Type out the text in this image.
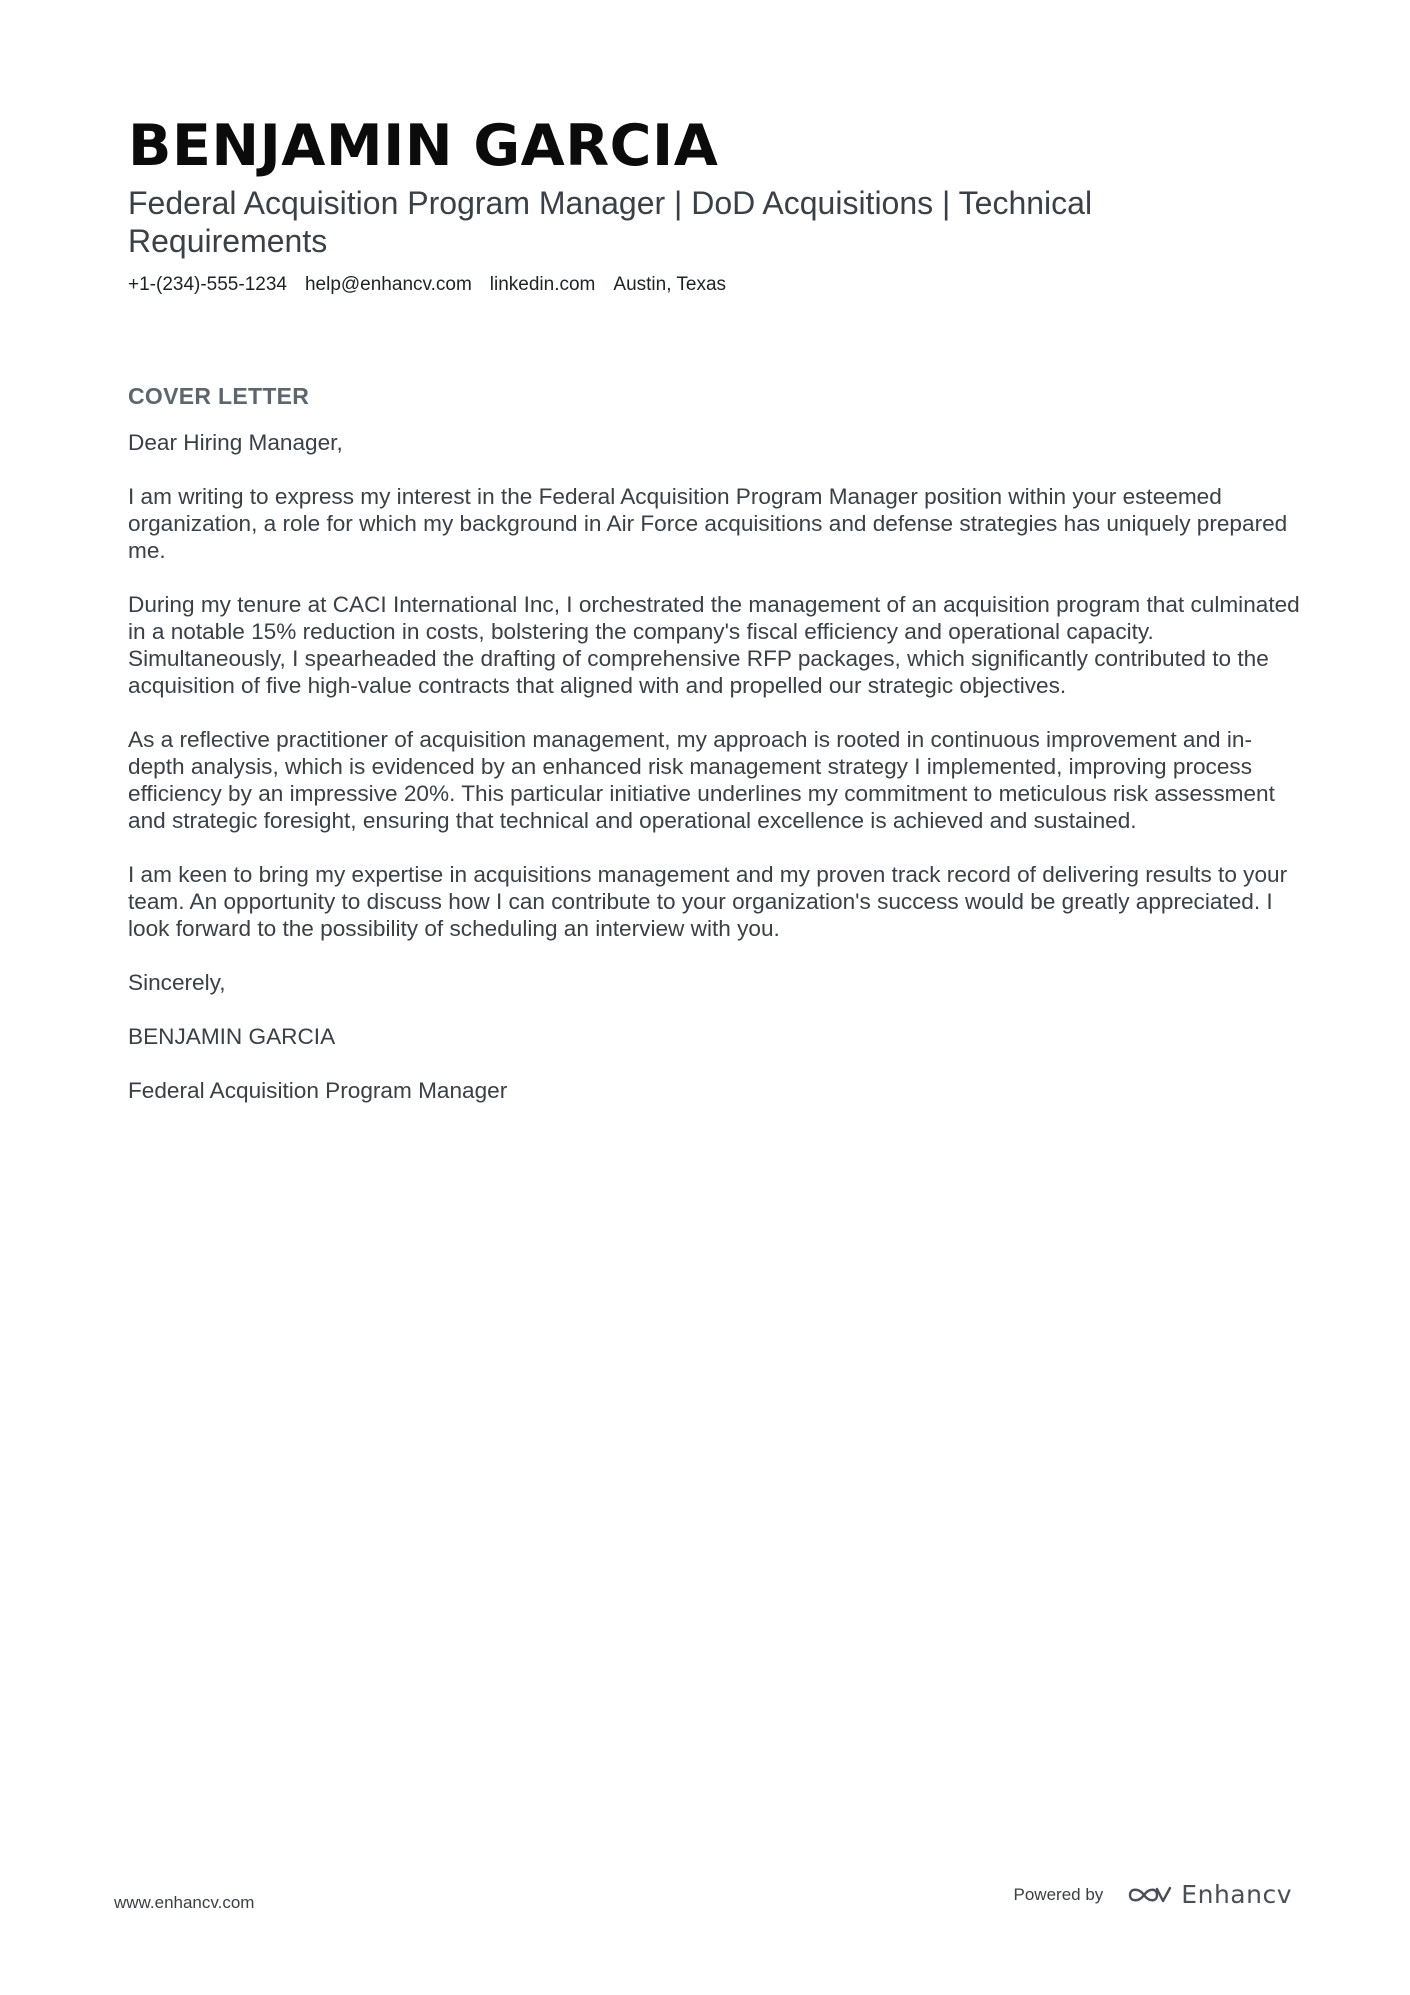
BENJAMIN GARCIA
Federal Acquisition Program Manager | DoD Acquisitions | Technical Requirements
+1-(234)-555-1234 help@enhancv.com linkedin.com Austin, Texas
COVER LETTER

Dear Hiring Manager,

I am writing to express my interest in the Federal Acquisition Program Manager position within your esteemed organization, a role for which my background in Air Force acquisitions and defense strategies has uniquely prepared me.

During my tenure at CACI International Inc, I orchestrated the management of an acquisition program that culminated in a notable 15% reduction in costs, bolstering the company's fiscal efficiency and operational capacity. Simultaneously, I spearheaded the drafting of comprehensive RFP packages, which significantly contributed to the acquisition of five high-value contracts that aligned with and propelled our strategic objectives.

As a reflective practitioner of acquisition management, my approach is rooted in continuous improvement and in-depth analysis, which is evidenced by an enhanced risk management strategy I implemented, improving process efficiency by an impressive 20%. This particular initiative underlines my commitment to meticulous risk assessment and strategic foresight, ensuring that technical and operational excellence is achieved and sustained.

I am keen to bring my expertise in acquisitions management and my proven track record of delivering results to your team. An opportunity to discuss how I can contribute to your organization's success would be greatly appreciated. I look forward to the possibility of scheduling an interview with you.

Sincerely,

BENJAMIN GARCIA

Federal Acquisition Program Manager

www.enhancv.com	Powered by	Enhancv
